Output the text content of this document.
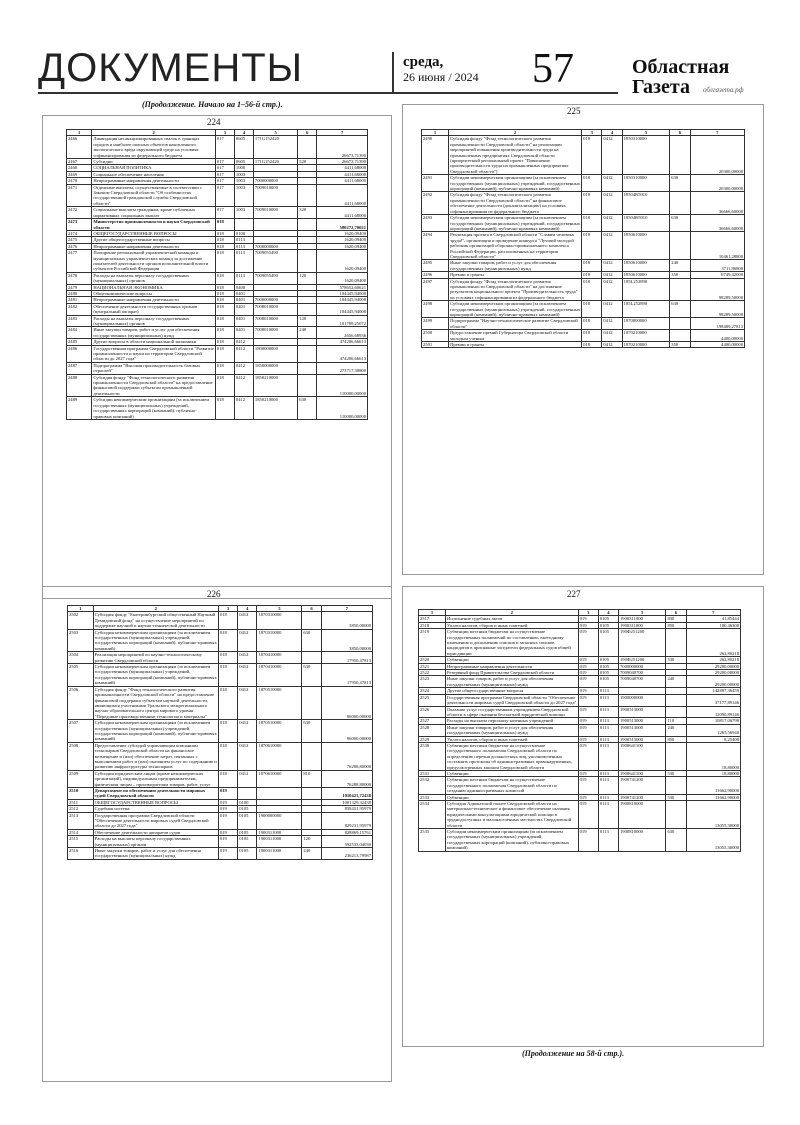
ДОКУМЕНТЫ	среда,
26 июня / 2024 57	Областная
Газета облгазета.рф
(Продолжение. Начало на 1–56-й стр.).
224
1	2	3	4	5	6	7
2466	Ликвидация несанкционированных свалок в границах городов и наиболее опасных объектов накопленного экологического вреда окружающей среде на условиях софинансирования из федерального бюджета	017	0605	171G152420		26673,71390
2467	Субсидии	017	0605	171G152420	520	26673,71390
2468	СОЦИАЛЬНАЯ ПОЛИТИКА	017	1000			4411,68000
2469	Социальное обеспечение населения	017	1003			4411,68000
2470	Непрограммные направления деятельности	017	1003	7000000000		4411,68000
2471	Отдельные выплаты, осуществляемые в соответствии с Законом Свердловской области "Об особенностях государственной гражданской службы Свердловской области"	017	1003	7009010000		4411,68000
2472	Социальные выплаты гражданам, кроме публичных нормативных социальных выплат	017	1003	7009010000	320	4411,68000
2473	Министерство промышленности и науки Свердловской области	018				580272,70021
2474	ОБЩЕГОСУДАРСТВЕННЫЕ ВОПРОСЫ	018	0100			1620,09400
2475	Другие общегосударственные вопросы	018	0113			1620,09400
2476	Непрограммные направления деятельности	018	0113	7000000000		1620,09400
2477	Поощрение региональной управленческой команды и муниципальных управленческих команд за достижение показателей деятельности органов исполнительной власти субъектов Российской Федерации	018	0113	7009055490		1620,09400
2478	Расходы на выплаты персоналу государственных (муниципальных) органов	018	0113	7009055490	120	1620,09400
2479	НАЦИОНАЛЬНАЯ ЭКОНОМИКА	018	0400			578652,60621
2480	Общеэкономические вопросы	018	0401			104445,94008
2481	Непрограммные направления деятельности	018	0401	7000000000		104445,94008
2482	Обеспечение деятельности государственных органов (центральный аппарат)	018	0401	7008010000		104445,94008
2483	Расходы на выплаты персоналу государственных (муниципальных) органов	018	0401	7008010000	120	101789,25072
2484	Иные закупки товаров, работ и услуг для обеспечения государственных (муниципальных) нужд	018	0401	7008010000	240	2656,68936
2485	Другие вопросы в области национальной экономики	018	0412			474206,66613
2486	Государственная программа Свердловской области "Развитие промышленности и науки на территории Свердловской области до 2027 года"	018	0412	1800000000		474206,66613
2487	Подпрограмма "Высокая производительность базовых отраслей"	018	0412	1850000000		273717,38800
2488	Субсидия фонду "Фонд технологического развития промышленности Свердловской области" на предоставление финансовой поддержки субъектам промышленной деятельности	018	0412	1850210000		110000,00000
2489	Субсидии некоммерческим организациям (за исключением государственных (муниципальных) учреждений, государственных корпораций (компаний), публично-правовых компаний)	018	0412	1850210000	630	110000,00000
225
1	2	3	4	5	6	7
2490	Субсидия фонду "Фонд технологического развития промышленности Свердловской области" на реализацию мероприятий повышения производительности труда на промышленных предприятиях Свердловской области (приоритетный региональный проект "Повышение производительности труда на промышленных предприятиях Свердловской области")	018	0412	1850310000		20300,00000
2491	Субсидии некоммерческим организациям (за исключением государственных (муниципальных) учреждений, государственных корпораций (компаний), публично-правовых компаний)	018	0412	1850310000	630	20300,00000
2492	Субсидия фонду "Фонд технологического развития промышленности Свердловской области" на финансовое обеспечение деятельности (докапитализацию) на условиях софинансирования из федерального бюджета	018	0412	18504R5910		36666,60000
2493	Субсидии некоммерческим организациям (за исключением государственных (муниципальных) учреждений, государственных корпораций (компаний), публично-правовых компаний)	018	0412	18504R5910	630	36666,60000
2494	Реализация проекта в Свердловской области "Славим человека труда!", организация и проведение конкурса "Лучший молодой работник организаций оборонно-промышленного комплекса Российской Федерации, расположенных на территории Свердловской области"	018	0412	1850610000		10461,28800
2495	Иные закупки товаров, работ и услуг для обеспечения государственных (муниципальных) нужд	018	0412	1850610000	240	3711,86800
2496	Премии и гранты	018	0412	1850610000	350	6749,42000
2497	Субсидия фонду "Фонд технологического развития промышленности Свердловской области" на достижение результатов национального проекта "Производительность труда" на условиях софинансирования из федерального бюджета	018	0412	185L252890		98289,50000
2498	Субсидии некоммерческим организациям (за исключением государственных (муниципальных) учреждений, государственных корпораций (компаний), публично-правовых компаний)	018	0412	185L252890	630	98289,50000
2499	Подпрограмма "Научно-технологическое развитие Свердловской области"	018	0412	1870000000		198489,27813
2500	Предоставление премий Губернатора Свердловской области молодым ученым	018	0412	1870210000		4400,00000
2501	Премии и гранты	018	0412	1870210000	350	4400,00000
226
1	2	3	4	5	6	7
2502	Субсидия фонду "Екатеринбургский общественный Научный Демидовский фонд" на осуществление мероприятий по поддержке научной и научно-технической деятельности	018	0412	1870310000		3850,00000
2503	Субсидии некоммерческим организациям (за исключением государственных (муниципальных) учреждений, государственных корпораций (компаний), публично-правовых компаний)	018	0412	1870310000	630	3850,00000
2504	Реализация мероприятий по научно-технологическому развитию Свердловской области	018	0412	1870410000		17950,47813
2505	Субсидии некоммерческим организациям (за исключением государственных (муниципальных) учреждений, государственных корпораций (компаний), публично-правовых компаний)	018	0412	1870410000	630	17950,47813
2506	Субсидия фонду "Фонд технологического развития промышленности Свердловской области" на предоставление финансовой поддержки субъектам научной деятельности, являющимся участниками Уральского межрегионального научно-образовательного центра мирового уровня "Передовые производственные технологии и материалы"	018	0412	1870510000		96000,00000
2507	Субсидии некоммерческим организациям (за исключением государственных (муниципальных) учреждений, государственных корпораций (компаний), публично-правовых компаний)	018	0412	1870510000	630	96000,00000
2508	Предоставление субсидий управляющим компаниям технопарков Свердловской области на финансовое возмещение и (или) обеспечение затрат, связанных с выполнением работ и (или) оказанием услуг по содержанию и развитию инфраструктуры технопарков	018	0412	1870610000		76288,80000
2509	Субсидии юридическим лицам (кроме некоммерческих организаций), индивидуальным предпринимателям, физическим лицам – производителям товаров, работ, услуг	018	0412	1870610000	810	76288,80000
2510	Департамент по обеспечению деятельности мировых судей Свердловской области	019				1010423,72438
2511	ОБЩЕГОСУДАРСТВЕННЫЕ ВОПРОСЫ	019	0100			1001329,32438
2512	Судебная система	019	0105			858431,95979
2513	Государственная программа Свердловской области "Обеспечение деятельности мировых судей Свердловской области до 2027 года"	019	0105	1900000000		829231,95979
2514	Обеспечение деятельности аппаратов судов	019	0105	1900311000		828869,15761
2515	Расходы на выплаты персоналу государственных (муниципальных) органов	019	0105	1900311000	120	592533,04030
2516	Иные закупки товаров, работ и услуг для обеспечения государственных (муниципальных) нужд	019	0105	1900311000	240	236213,79987
227
1	2	3	4	5	6	7
2517	Исполнение судебных актов	019	0105	1900311000	830	41,85444
2518	Уплата налогов, сборов и иных платежей	019	0105	1900311000	850	180,46300
2519	Субвенции местным бюджетам на осуществление государственных полномочий по составлению, ежегодному изменению и дополнению списков и запасных списков кандидатов в присяжные заседатели федеральных судов общей юрисдикции	019	0105	190Ф251200		262,80218
2520	Субвенции	019	0105	190Ф251200	530	262,80218
2521	Непрограммные направления деятельности	019	0105	7000000000		29200,00000
2522	Резервный фонд Правительства Свердловской области	019	0105	7009040700		29200,00000
2523	Иные закупки товаров, работ и услуг для обеспечения государственных (муниципальных) нужд	019	0105	7009040700	240	29200,00000
2524	Другие общегосударственные вопросы	019	0113			142897,36459
2525	Государственная программа Свердловской области "Обеспечение деятельности мировых судей Свердловской области до 2027 года"	019	0113	1900000000		37177,89146
2526	Оказание услуг государственным учреждением Свердловской области в сфере оказания бесплатной юридической помощи	019	0113	1900513000		12090,89146
2527	Расходы на выплаты персоналу казенных учреждений	019	0113	1900513000	110	10817,06798
2528	Иные закупки товаров, работ и услуг для обеспечения государственных (муниципальных) нужд	019	0113	1900513000	240	1265,56940
2529	Уплата налогов, сборов и иных платежей	019	0113	1900513000	850	8,25408
2530	Субвенции местным бюджетам на осуществление государственного полномочия Свердловской области по определению перечня должностных лиц, уполномоченных составлять протоколы об административных правонарушениях, предусмотренных законом Свердловской области	019	0113	1900641100		18,80000
2531	Субвенции	019	0113	1900641100	530	18,80000
2532	Субвенции местным бюджетам на осуществление государственного полномочия Свердловской области по созданию административных комиссий	019	0113	1900741200		11662,90000
2533	Субвенции	019	0113	1900741200	530	11662,90000
2534	Субсидия Адвокатской палате Свердловской области на материально-техническое и финансовое обеспечение оказания юридическими консультациями юридической помощи в труднодоступных и малонаселенных местностях Свердловской области	019	0113	1900810000		13055,30000
2535	Субсидии некоммерческим организациям (за исключением государственных (муниципальных) учреждений, государственных корпораций (компаний), публично-правовых компаний)	019	0113	1900810000	630	13055,30000
(Продолжение на 58-й стр.).
